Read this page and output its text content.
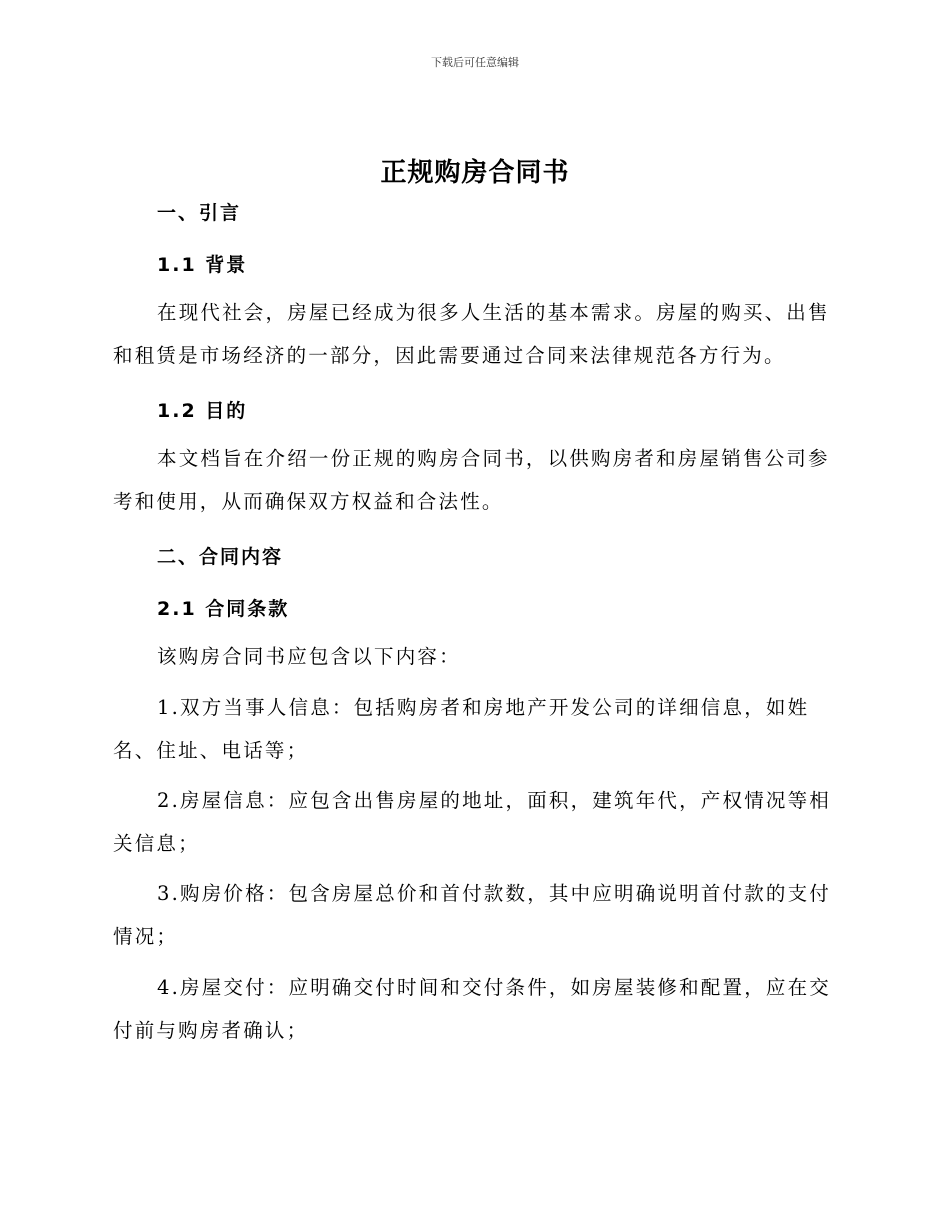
下载后可任意编辑
正规购房合同书
一、引言
1.1 背景

在现代社会，房屋已经成为很多人生活的基本需求。房屋的购买、出售和租赁是市场经济的一部分，因此需要通过合同来法律规范各方行为。

1.2 目的

本文档旨在介绍一份正规的购房合同书，以供购房者和房屋销售公司参考和使用，从而确保双方权益和合法性。

二、合同内容
2.1 合同条款

该购房合同书应包含以下内容：

1.双方当事人信息：包括购房者和房地产开发公司的详细信息，如姓名、住址、电话等；

2.房屋信息：应包含出售房屋的地址，面积，建筑年代，产权情况等相关信息；

3.购房价格：包含房屋总价和首付款数，其中应明确说明首付款的支付情况；

4.房屋交付：应明确交付时间和交付条件，如房屋装修和配置，应在交付前与购房者确认；
